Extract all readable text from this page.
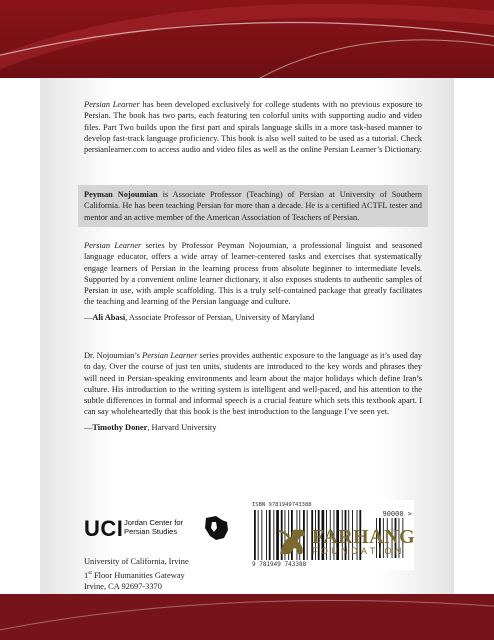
Persian Learner has been developed exclusively for college students with no previous exposure to Persian. The book has two parts, each featuring ten colorful units with supporting audio and video files. Part Two builds upon the first part and spirals language skills in a more task-based manner to develop fast-track language proficiency. This book is also well suited to be used as a tutorial. Check persianlearner.com to access audio and video files as well as the online Persian Learner’s Dictionary.

Peyman Nojoumian is Associate Professor (Teaching) of Persian at University of Southern California. He has been teaching Persian for more than a decade. He is a certified ACTFL tester and mentor and an active member of the American Association of Teachers of Persian.

Persian Learner series by Professor Peyman Nojoumian, a professional linguist and seasoned language educator, offers a wide array of learner-centered tasks and exercises that systematically engage learners of Persian in the learning process from absolute beginner to intermediate levels. Supported by a convenient online learner dictionary, it also exposes students to authentic samples of Persian in use, with ample scaffolding. This is a truly self-contained package that greatly facilitates the teaching and learning of the Persian language and culture.

—Ali Abasi, Associate Professor of Persian, University of Maryland

Dr. Nojoumian’s Persian Learner series provides authentic exposure to the language as it’s used day to day. Over the course of just ten units, students are introduced to the key words and phrases they will need in Persian-speaking environments and learn about the major holidays which define Iran’s culture. His introduction to the writing system is intelligent and well-paced, and his attention to the subtle differences in formal and informal speech is a crucial feature which sets this textbook apart. I can say wholeheartedly that this book is the best introduction to the language I’ve seen yet.

—Timothy Doner, Harvard University

ISBN 9781949743388
90000 >
9 781949 743388
UCI Jordan Center for
Persian Studies
University of California, Irvine
1st Floor Humanities Gateway
Irvine, CA 92697-3370
FARHANG
FOUNDATION
